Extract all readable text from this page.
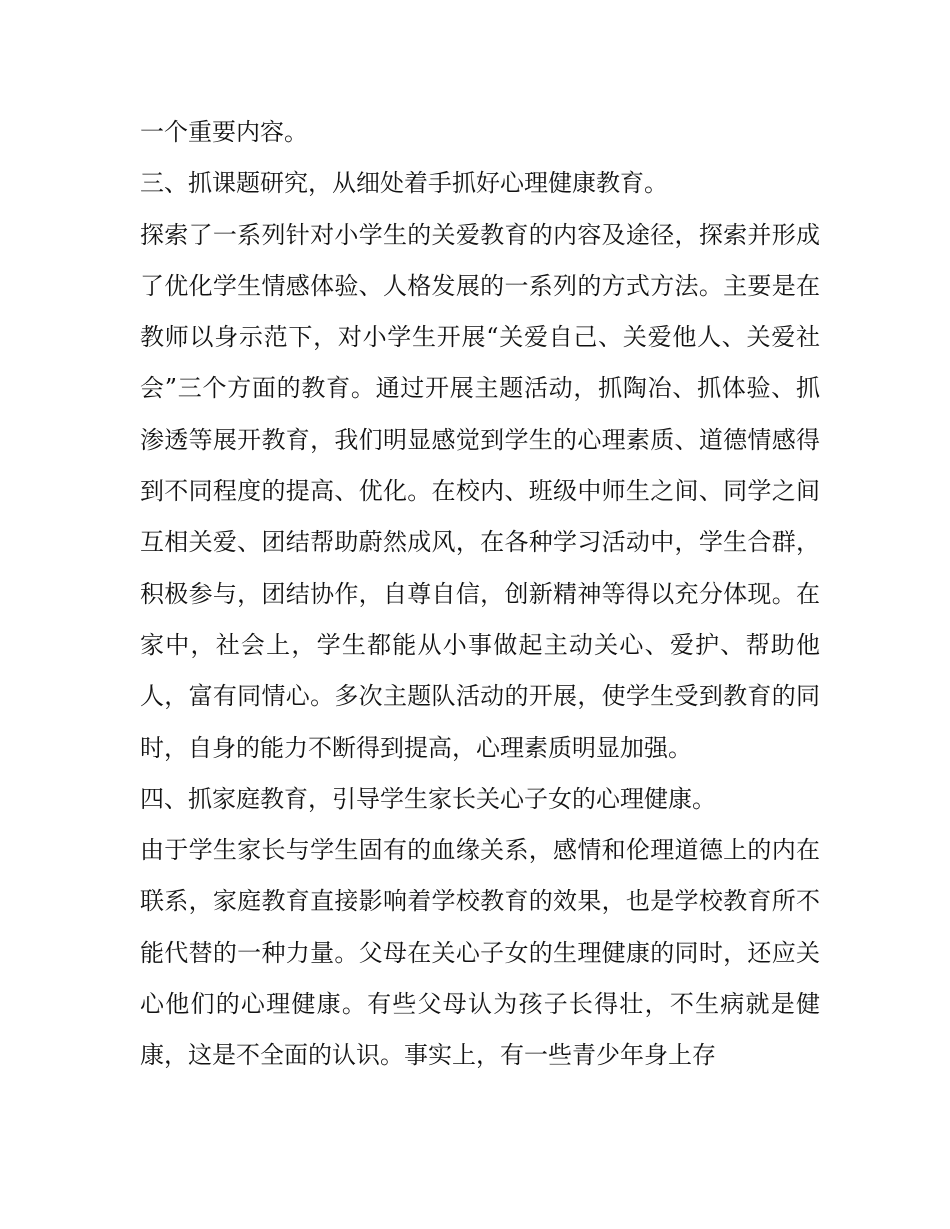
一个重要内容。

三、抓课题研究，从细处着手抓好心理健康教育。

探索了一系列针对小学生的关爱教育的内容及途径，探索并形成了优化学生情感体验、人格发展的一系列的方式方法。主要是在教师以身示范下，对小学生开展“关爱自己、关爱他人、关爱社会”三个方面的教育。通过开展主题活动，抓陶冶、抓体验、抓渗透等展开教育，我们明显感觉到学生的心理素质、道德情感得到不同程度的提高、优化。在校内、班级中师生之间、同学之间互相关爱、团结帮助蔚然成风，在各种学习活动中，学生合群，积极参与，团结协作，自尊自信，创新精神等得以充分体现。在家中，社会上，学生都能从小事做起主动关心、爱护、帮助他人，富有同情心。多次主题队活动的开展，使学生受到教育的同时，自身的能力不断得到提高，心理素质明显加强。

四、抓家庭教育，引导学生家长关心子女的心理健康。

由于学生家长与学生固有的血缘关系，感情和伦理道德上的内在联系，家庭教育直接影响着学校教育的效果，也是学校教育所不能代替的一种力量。父母在关心子女的生理健康的同时，还应关心他们的心理健康。有些父母认为孩子长得壮，不生病就是健康，这是不全面的认识。事实上，有一些青少年身上存
